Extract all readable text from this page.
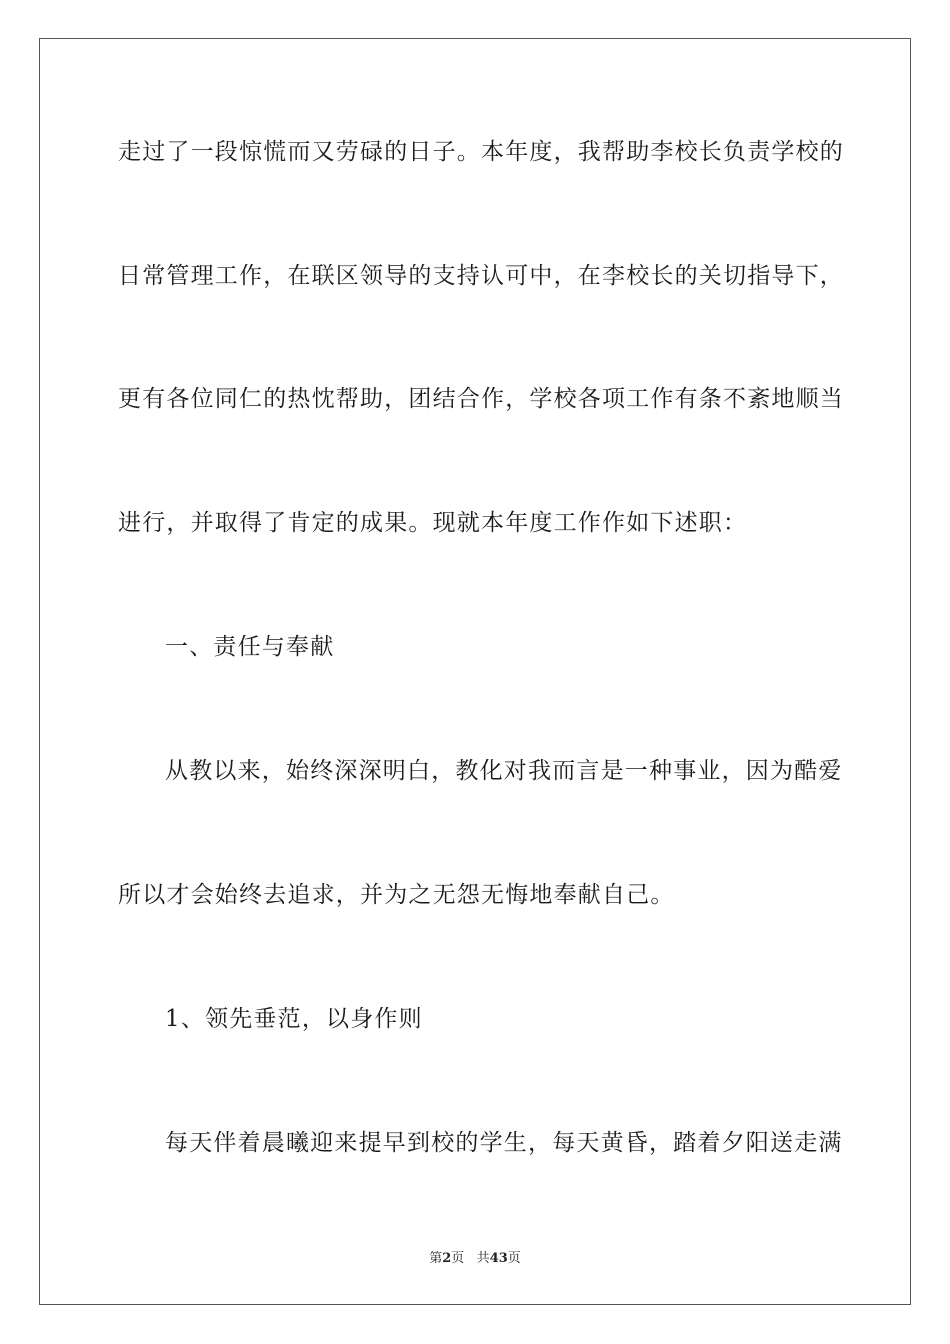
走过了一段惊慌而又劳碌的日子。本年度，我帮助李校长负责学校的
日常管理工作，在联区领导的支持认可中，在李校长的关切指导下，
更有各位同仁的热忱帮助，团结合作，学校各项工作有条不紊地顺当
进行，并取得了肯定的成果。现就本年度工作作如下述职：
一、责任与奉献
从教以来，始终深深明白，教化对我而言是一种事业，因为酷爱
所以才会始终去追求，并为之无怨无悔地奉献自己。
1、领先垂范，以身作则
每天伴着晨曦迎来提早到校的学生，每天黄昏，踏着夕阳送走满
第2页 共43页
